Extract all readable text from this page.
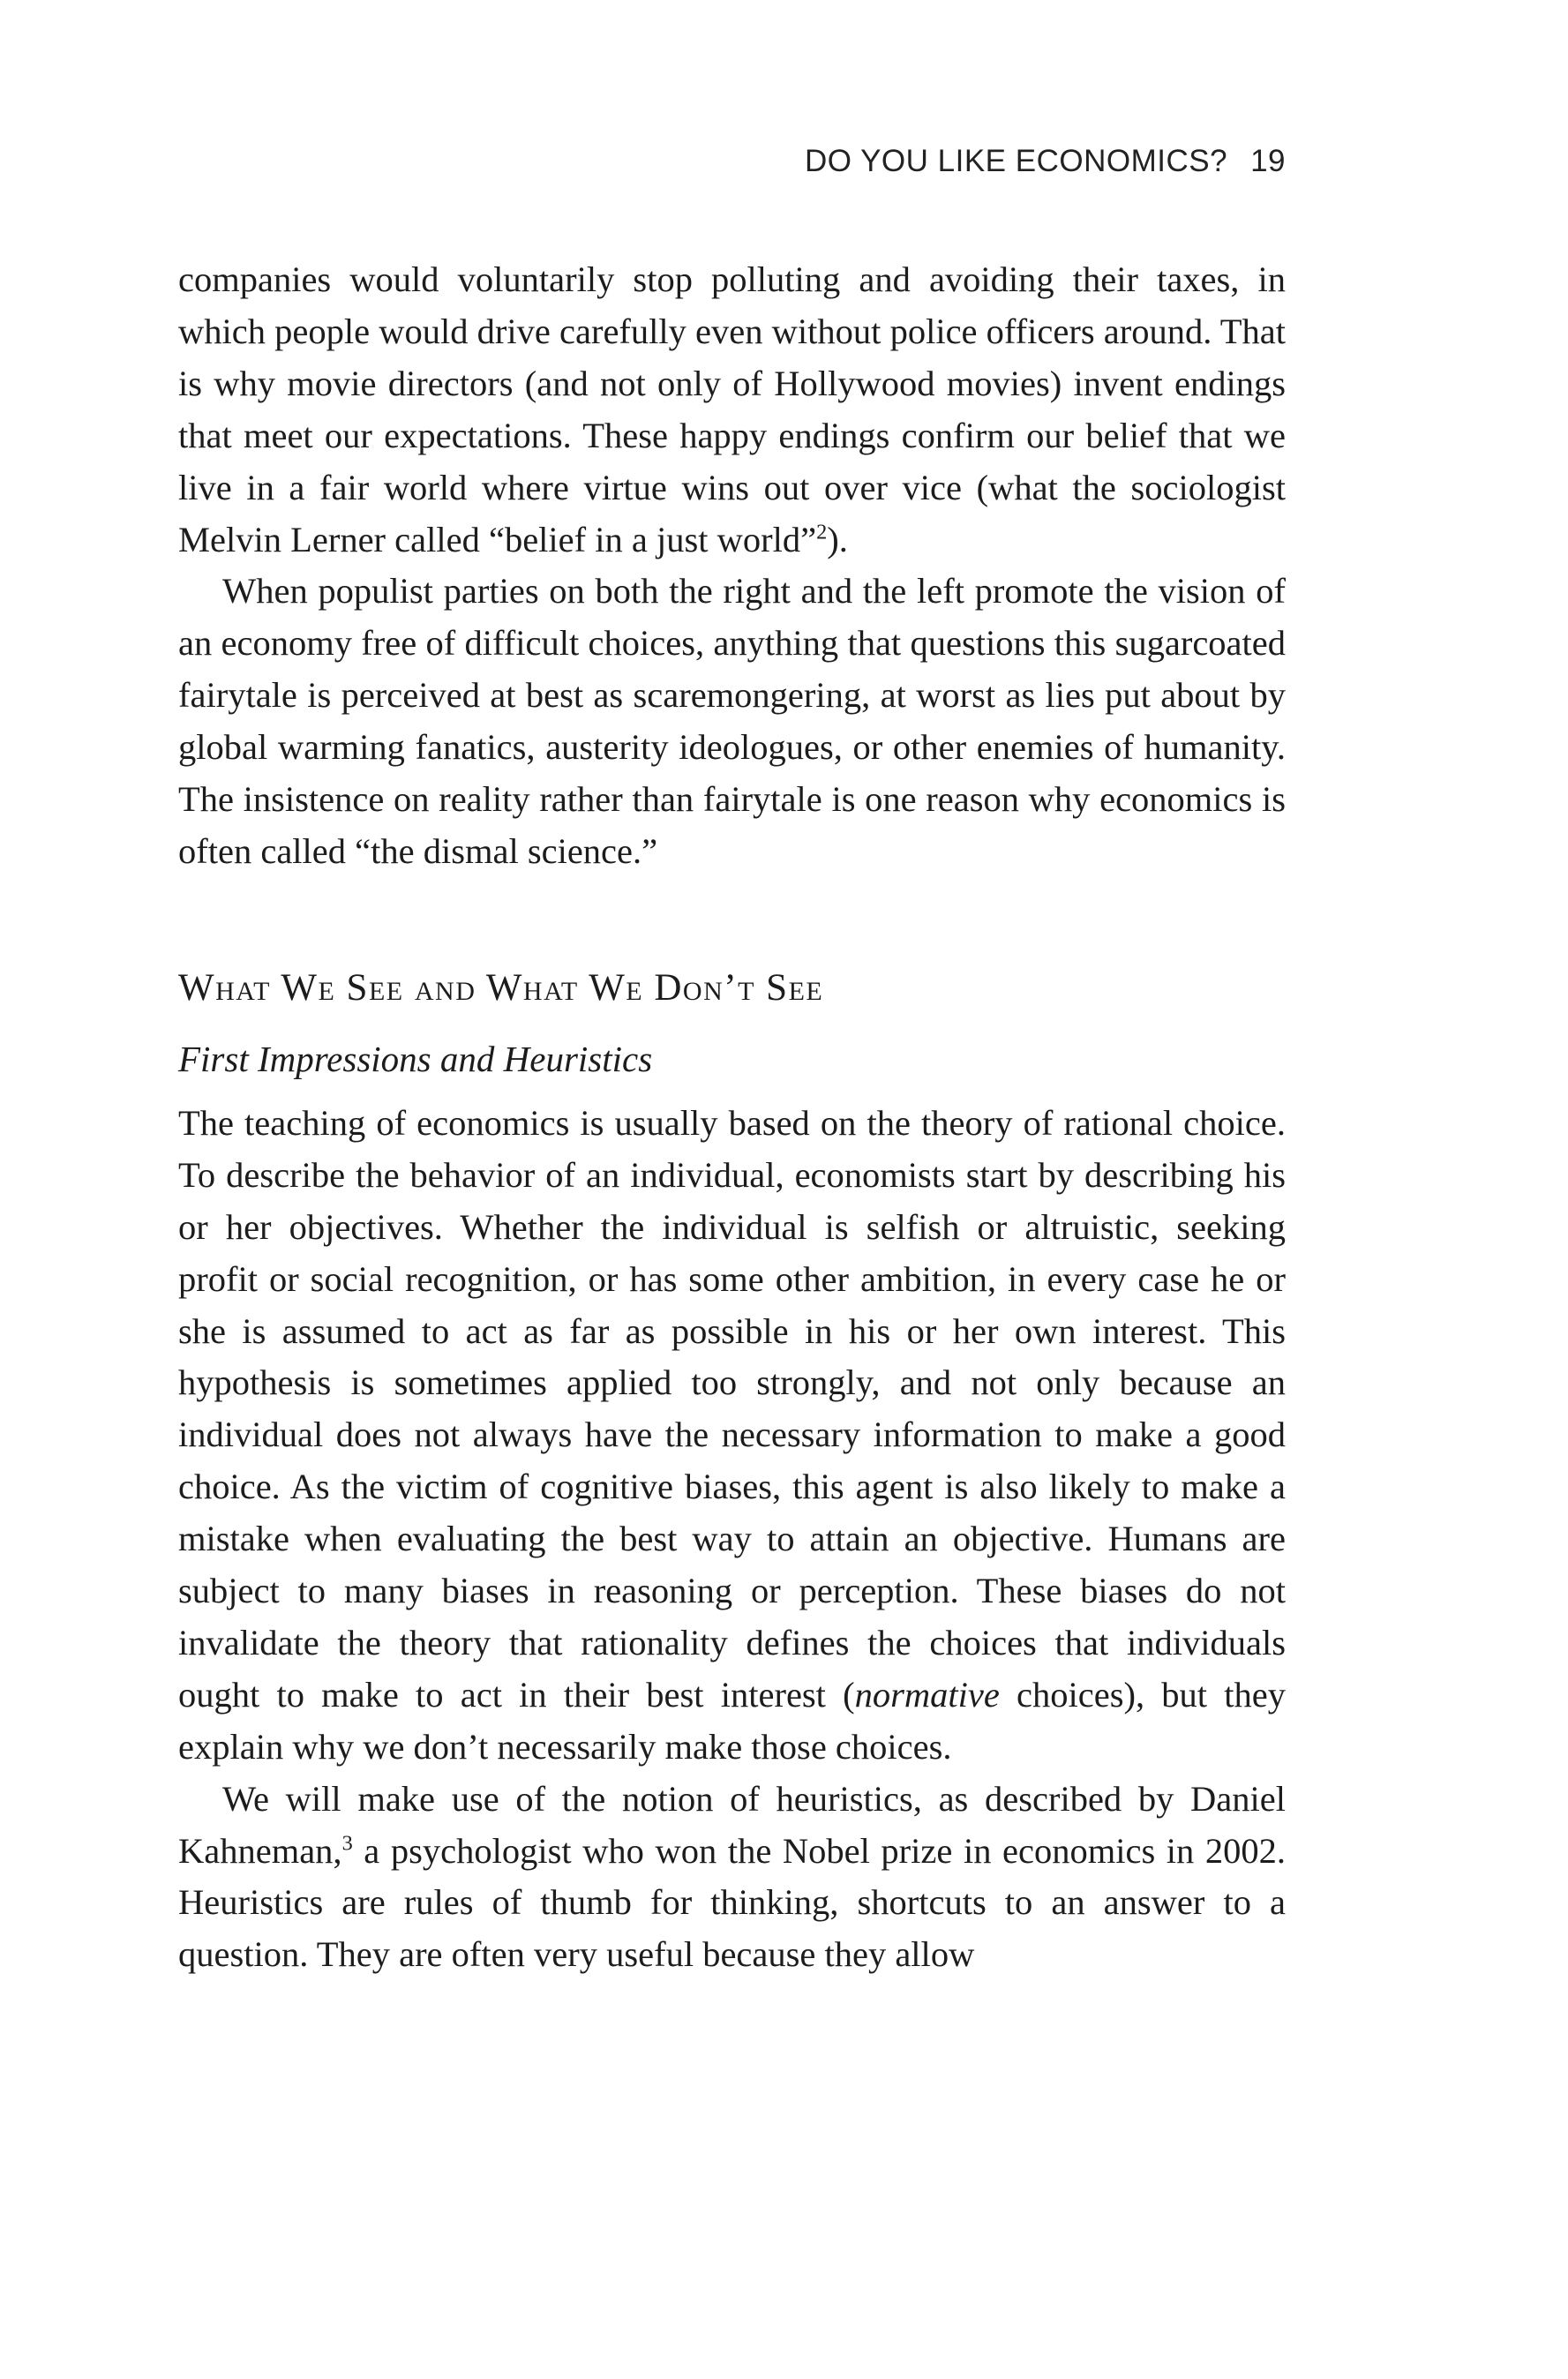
DO YOU LIKE ECONOMICS? 19

companies would voluntarily stop polluting and avoiding their taxes, in which people would drive carefully even without police officers around. That is why movie directors (and not only of Hollywood movies) invent endings that meet our expectations. These happy endings confirm our belief that we live in a fair world where virtue wins out over vice (what the sociologist Melvin Lerner called “belief in a just world”$^2$).

When populist parties on both the right and the left promote the vision of an economy free of difficult choices, anything that questions this sugarcoated fairytale is perceived at best as scaremongering, at worst as lies put about by global warming fanatics, austerity ideologues, or other enemies of humanity. The insistence on reality rather than fairytale is one reason why economics is often called “the dismal science.”

What We See and What We Don’t See
First Impressions and Heuristics

The teaching of economics is usually based on the theory of rational choice. To describe the behavior of an individual, economists start by describing his or her objectives. Whether the individual is selfish or altruistic, seeking profit or social recognition, or has some other ambition, in every case he or she is assumed to act as far as possible in his or her own interest. This hypothesis is sometimes applied too strongly, and not only because an individual does not always have the necessary information to make a good choice. As the victim of cognitive biases, this agent is also likely to make a mistake when evaluating the best way to attain an objective. Humans are subject to many biases in reasoning or perception. These biases do not invalidate the theory that rationality defines the choices that individuals ought to make to act in their best interest (normative choices), but they explain why we don’t necessarily make those choices.

We will make use of the notion of heuristics, as described by Daniel Kahneman,$^3$ a psychologist who won the Nobel prize in economics in 2002. Heuristics are rules of thumb for thinking, shortcuts to an answer to a question. They are often very useful because they allow
